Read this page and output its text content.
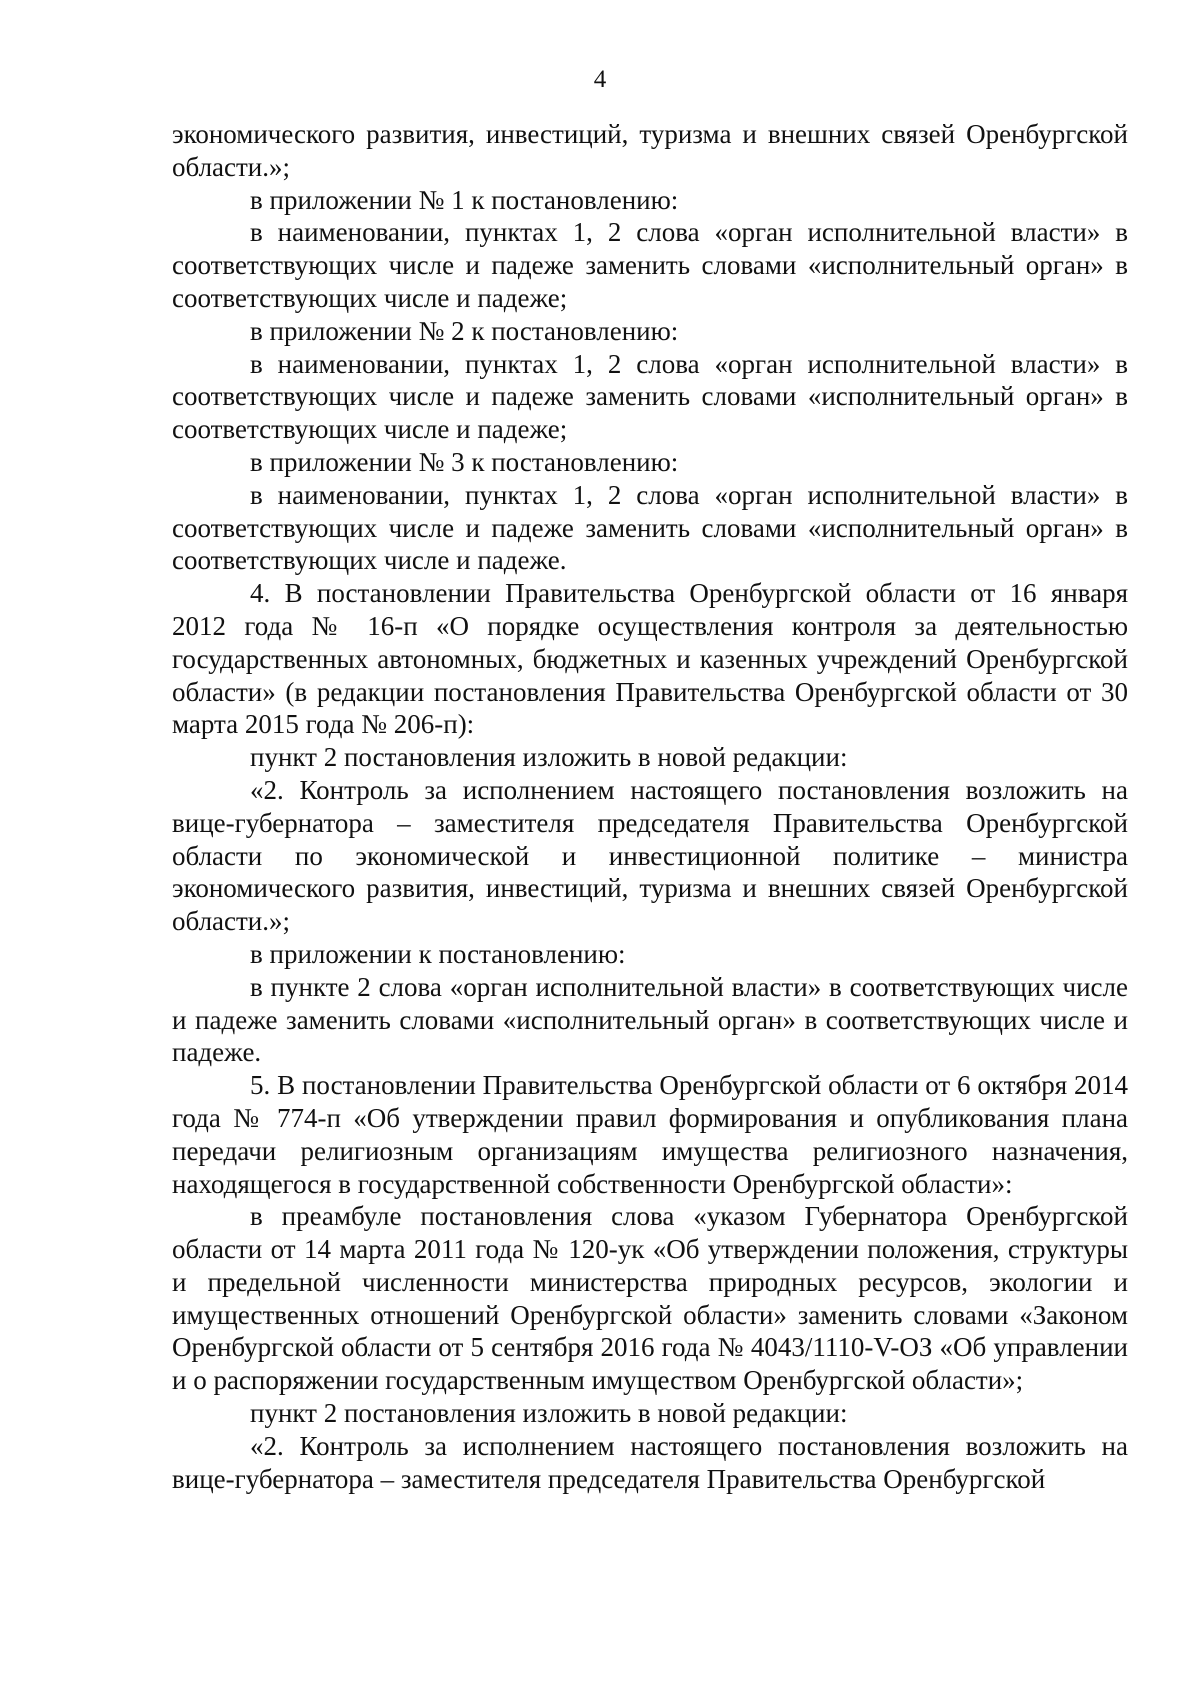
4

экономического развития, инвестиций, туризма и внешних связей Оренбургской области.»;

в приложении № 1 к постановлению:

в наименовании, пунктах 1, 2 слова «орган исполнительной власти» в соответствующих числе и падеже заменить словами «исполнительный орган» в соответствующих числе и падеже;

в приложении № 2 к постановлению:

в наименовании, пунктах 1, 2 слова «орган исполнительной власти» в соответствующих числе и падеже заменить словами «исполнительный орган» в соответствующих числе и падеже;

в приложении № 3 к постановлению:

в наименовании, пунктах 1, 2 слова «орган исполнительной власти» в соответствующих числе и падеже заменить словами «исполнительный орган» в соответствующих числе и падеже.

4. В постановлении Правительства Оренбургской области от 16 января 2012 года № 16-п «О порядке осуществления контроля за деятельностью государственных автономных, бюджетных и казенных учреждений Оренбургской области» (в редакции постановления Правительства Оренбургской области от 30 марта 2015 года № 206-п):

пункт 2 постановления изложить в новой редакции:

«2. Контроль за исполнением настоящего постановления возложить на вице-губернатора – заместителя председателя Правительства Оренбургской области по экономической и инвестиционной политике – министра экономического развития, инвестиций, туризма и внешних связей Оренбургской области.»;

в приложении к постановлению:

в пункте 2 слова «орган исполнительной власти» в соответствующих числе и падеже заменить словами «исполнительный орган» в соответствующих числе и падеже.

5. В постановлении Правительства Оренбургской области от 6 октября 2014 года № 774-п «Об утверждении правил формирования и опубликования плана передачи религиозным организациям имущества религиозного назначения, находящегося в государственной собственности Оренбургской области»:

в преамбуле постановления слова «указом Губернатора Оренбургской области от 14 марта 2011 года № 120-ук «Об утверждении положения, структуры и предельной численности министерства природных ресурсов, экологии и имущественных отношений Оренбургской области» заменить словами «Законом Оренбургской области от 5 сентября 2016 года № 4043/1110-V-ОЗ «Об управлении и о распоряжении государственным имуществом Оренбургской области»;

пункт 2 постановления изложить в новой редакции:

«2. Контроль за исполнением настоящего постановления возложить на вице-губернатора – заместителя председателя Правительства Оренбургской
